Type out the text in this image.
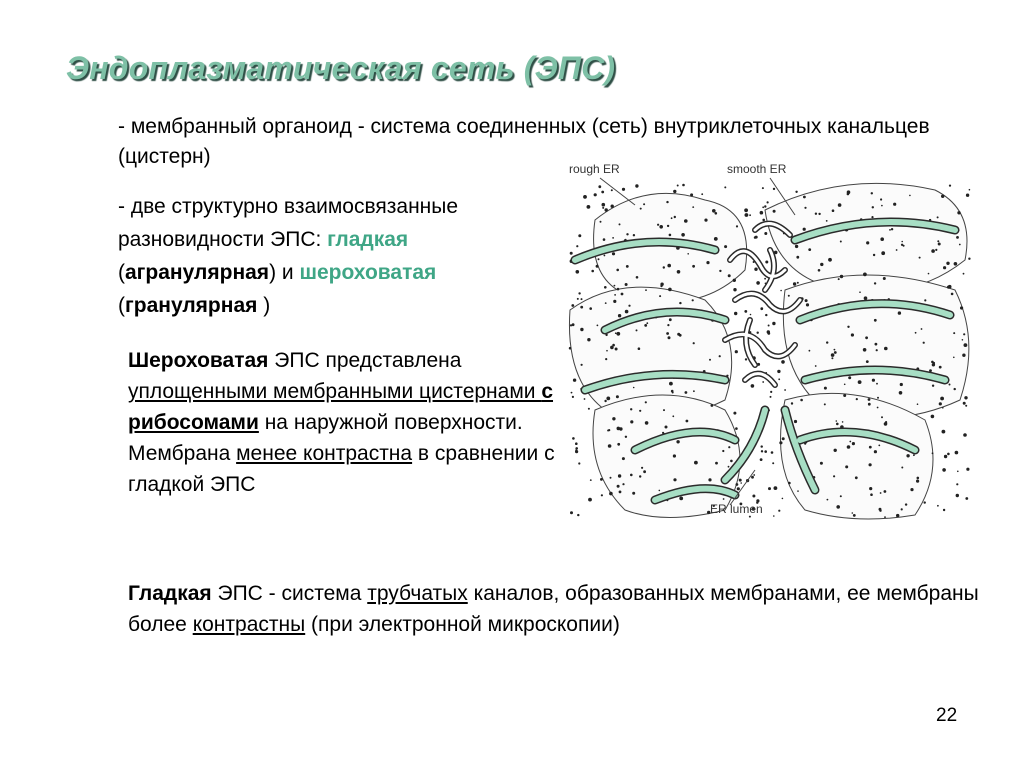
Эндоплазматическая сеть (ЭПС)
- мембранный органоид - система соединенных (сеть) внутриклеточных канальцев (цистерн)
- две структурно взаимосвязанные разновидности ЭПС: гладкая (агранулярная) и шероховатая (гранулярная )
Шероховатая ЭПС представлена уплощенными мембранными цистернами с рибосомами на наружной поверхности. Мембрана менее контрастна в сравнении с гладкой ЭПС
Гладкая ЭПС - система трубчатых каналов, образованных мембранами, ее мембраны более контрастны (при электронной микроскопии)
rough ER	smooth ER
ER lumen
22
